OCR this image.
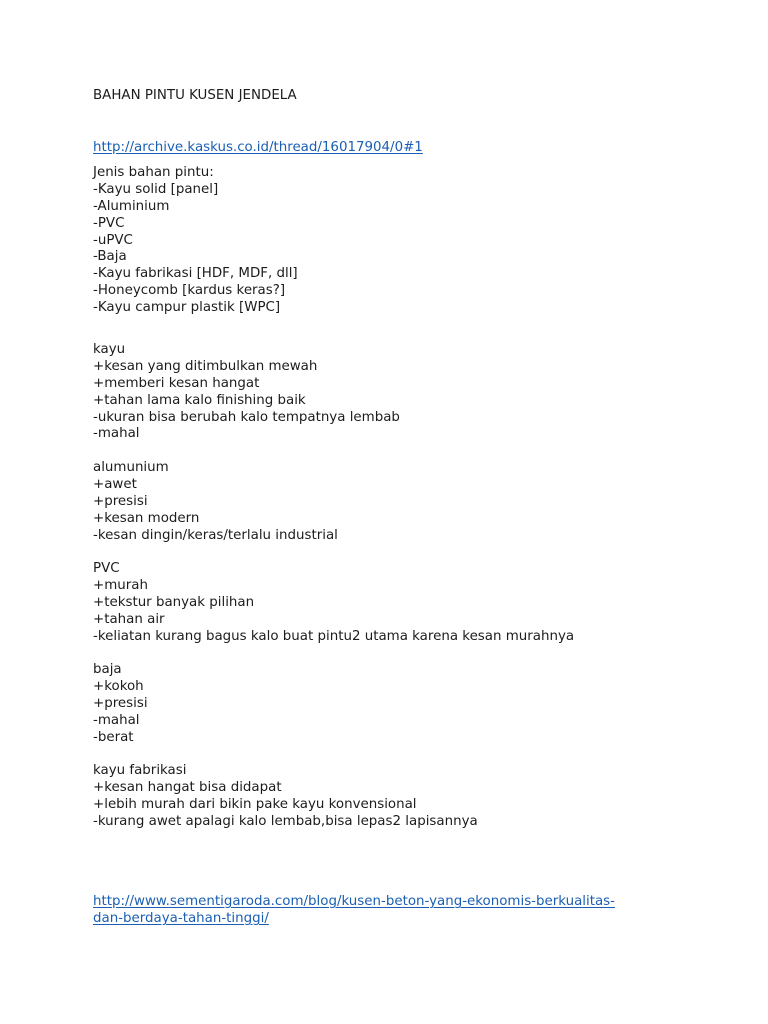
BAHAN PINTU KUSEN JENDELA
http://archive.kaskus.co.id/thread/16017904/0#1
Jenis bahan pintu:
-Kayu solid [panel]
-Aluminium
-PVC
-uPVC
-Baja
-Kayu fabrikasi [HDF, MDF, dll]
-Honeycomb [kardus keras?]
-Kayu campur plastik [WPC]
kayu
+kesan yang ditimbulkan mewah
+memberi kesan hangat
+tahan lama kalo finishing baik
-ukuran bisa berubah kalo tempatnya lembab
-mahal
alumunium
+awet
+presisi
+kesan modern
-kesan dingin/keras/terlalu industrial
PVC
+murah
+tekstur banyak pilihan
+tahan air
-keliatan kurang bagus kalo buat pintu2 utama karena kesan murahnya
baja
+kokoh
+presisi
-mahal
-berat
kayu fabrikasi
+kesan hangat bisa didapat
+lebih murah dari bikin pake kayu konvensional
-kurang awet apalagi kalo lembab,bisa lepas2 lapisannya
http://www.sementigaroda.com/blog/kusen-beton-yang-ekonomis-berkualitas-
dan-berdaya-tahan-tinggi/
